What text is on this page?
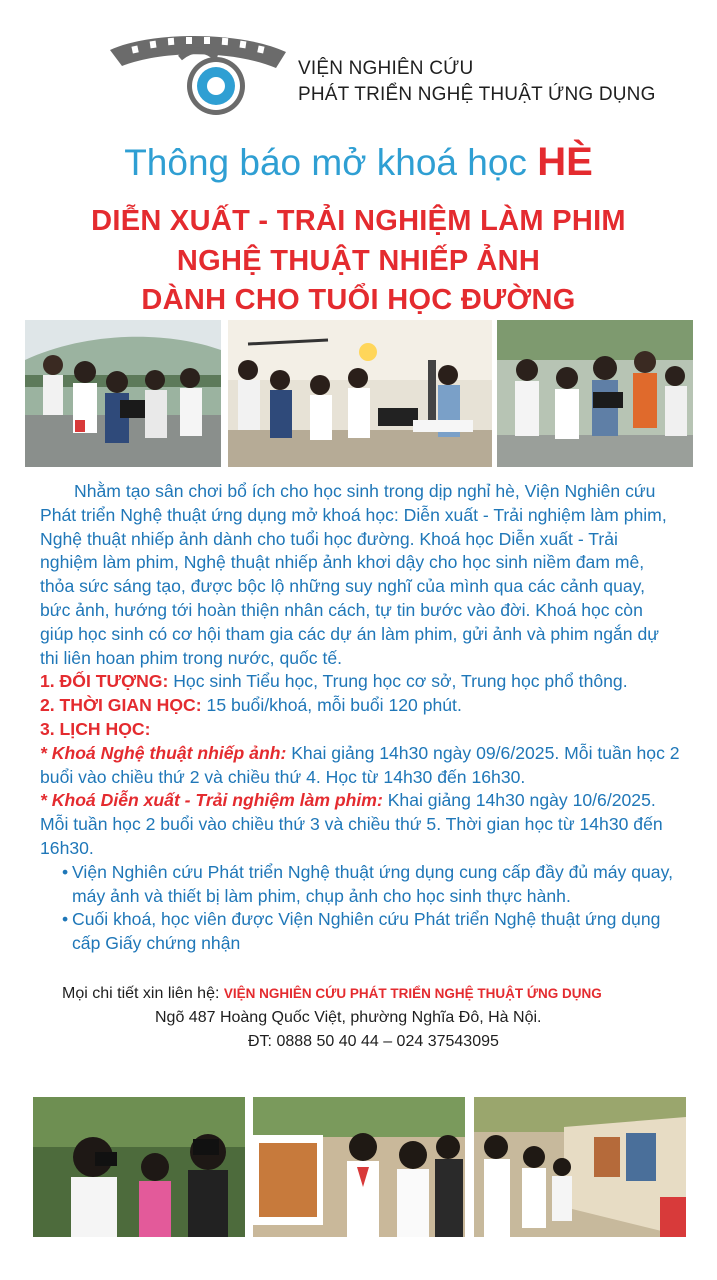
VIỆN NGHIÊN CỨU
PHÁT TRIỂN NGHỆ THUẬT ỨNG DỤNG
Thông báo mở khoá học HÈ
DIỄN XUẤT - TRẢI NGHIỆM LÀM PHIM
NGHỆ THUẬT NHIẾP ẢNH
DÀNH CHO TUỔI HỌC ĐƯỜNG

Nhằm tạo sân chơi bổ ích cho học sinh trong dịp nghỉ hè, Viện Nghiên cứu Phát triển Nghệ thuật ứng dụng mở khoá học: Diễn xuất - Trải nghiệm làm phim, Nghệ thuật nhiếp ảnh dành cho tuổi học đường. Khoá học Diễn xuất - Trải nghiệm làm phim, Nghệ thuật nhiếp ảnh khơi dậy cho học sinh niềm đam mê, thỏa sức sáng tạo, được bộc lộ những suy nghĩ của mình qua các cảnh quay, bức ảnh, hướng tới hoàn thiện nhân cách, tự tin bước vào đời. Khoá học còn giúp học sinh có cơ hội tham gia các dự án làm phim, gửi ảnh và phim ngắn dự thi liên hoan phim trong nước, quốc tế.

1. ĐỐI TƯỢNG: Học sinh Tiểu học, Trung học cơ sở, Trung học phổ thông.

2. THỜI GIAN HỌC: 15 buổi/khoá, mỗi buổi 120 phút.

3. LỊCH HỌC:

* Khoá Nghệ thuật nhiếp ảnh: Khai giảng 14h30 ngày 09/6/2025. Mỗi tuần học 2 buổi vào chiều thứ 2 và chiều thứ 4. Học từ 14h30 đến 16h30.

* Khoá Diễn xuất - Trải nghiệm làm phim: Khai giảng 14h30 ngày 10/6/2025. Mỗi tuần học 2 buổi vào chiều thứ 3 và chiều thứ 5. Thời gian học từ 14h30 đến 16h30.

• Viện Nghiên cứu Phát triển Nghệ thuật ứng dụng cung cấp đầy đủ máy quay, máy ảnh và thiết bị làm phim, chụp ảnh cho học sinh thực hành.
• Cuối khoá, học viên được Viện Nghiên cứu Phát triển Nghệ thuật ứng dụng cấp Giấy chứng nhận
Mọi chi tiết xin liên hệ: VIỆN NGHIÊN CỨU PHÁT TRIỂN NGHỆ THUẬT ỨNG DỤNG
Ngõ 487 Hoàng Quốc Việt, phường Nghĩa Đô, Hà Nội.
ĐT: 0888 50 40 44 – 024 37543095
